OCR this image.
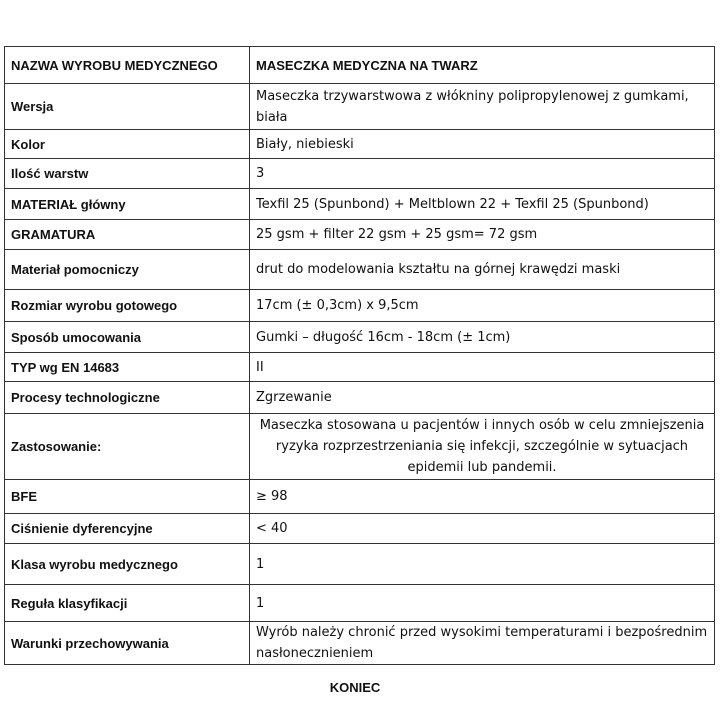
NAZWA WYROBU MEDYCZNEGO	MASECZKA MEDYCZNA NA TWARZ
Wersja	Maseczka trzywarstwowa z włókniny polipropylenowej z gumkami, biała
Kolor	Biały, niebieski
Ilość warstw	3
MATERIAŁ główny	Texfil 25 (Spunbond) + Meltblown 22 + Texfil 25 (Spunbond)
GRAMATURA	25 gsm + filter 22 gsm + 25 gsm= 72 gsm
Materiał pomocniczy	drut do modelowania kształtu na górnej krawędzi maski
Rozmiar wyrobu gotowego	17cm (± 0,3cm) x 9,5cm
Sposób umocowania	Gumki – długość 16cm - 18cm (± 1cm)
TYP wg EN 14683	II
Procesy technologiczne	Zgrzewanie
Zastosowanie:	Maseczka stosowana u pacjentów i innych osób w celu zmniejszenia ryzyka rozprzestrzeniania się infekcji, szczególnie w sytuacjach epidemii lub pandemii.
BFE	≥ 98
Ciśnienie dyferencyjne	< 40
Klasa wyrobu medycznego	1
Reguła klasyfikacji	1
Warunki przechowywania	Wyrób należy chronić przed wysokimi temperaturami i bezpośrednim nasłonecznieniem
KONIEC
